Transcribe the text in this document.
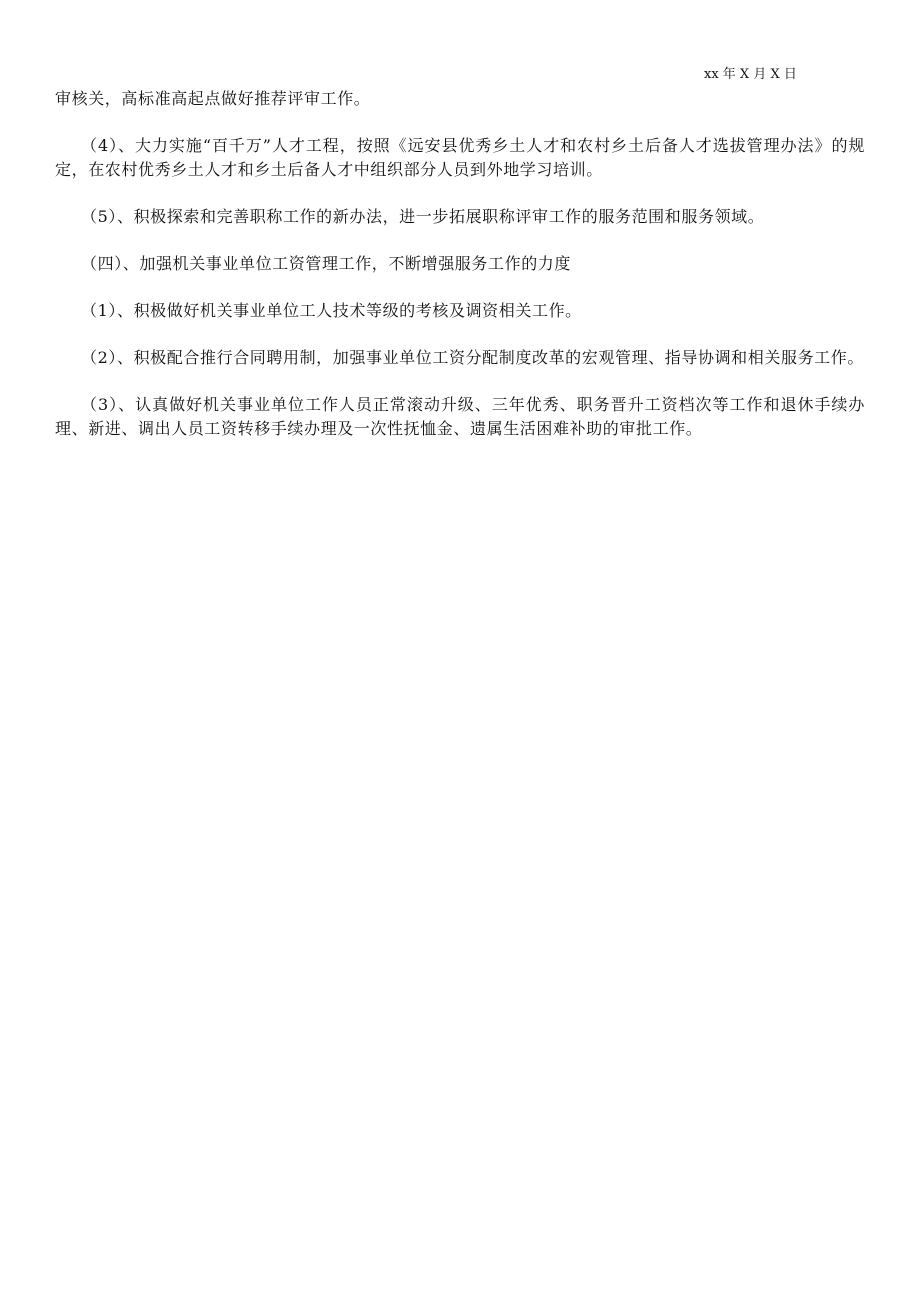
xx 年 X 月 X 日

审核关，高标准高起点做好推荐评审工作。

（4）、大力实施“百千万”人才工程，按照《远安县优秀乡土人才和农村乡土后备人才选拔管理办法》的规定，在农村优秀乡土人才和乡土后备人才中组织部分人员到外地学习培训。

（5）、积极探索和完善职称工作的新办法，进一步拓展职称评审工作的服务范围和服务领域。

（四）、加强机关事业单位工资管理工作，不断增强服务工作的力度

（1）、积极做好机关事业单位工人技术等级的考核及调资相关工作。

（2）、积极配合推行合同聘用制，加强事业单位工资分配制度改革的宏观管理、指导协调和相关服务工作。

（3）、认真做好机关事业单位工作人员正常滚动升级、三年优秀、职务晋升工资档次等工作和退休手续办理、新进、调出人员工资转移手续办理及一次性抚恤金、遗属生活困难补助的审批工作。
